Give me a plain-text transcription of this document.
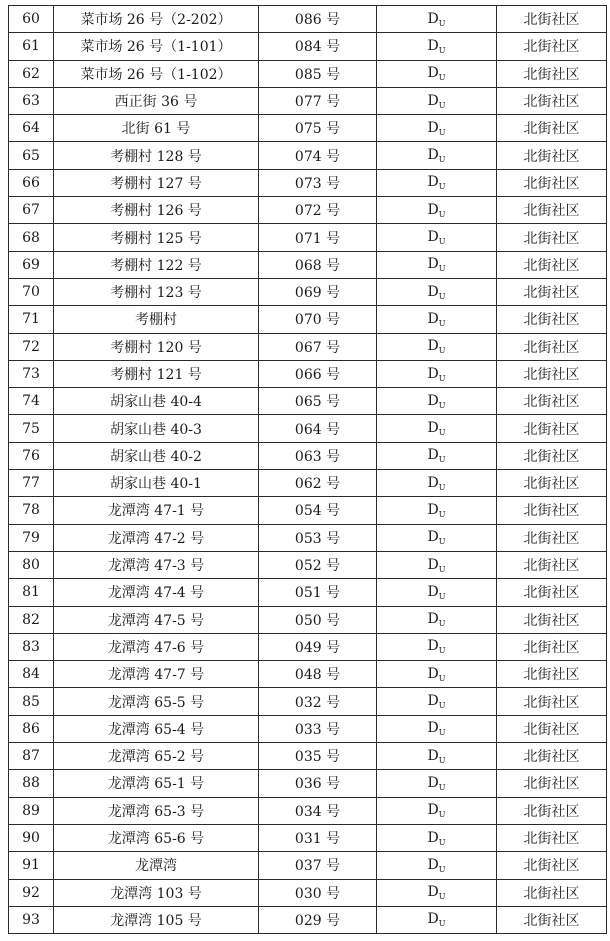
60	菜市场 26 号（2-202）	086 号	$D_U$	北街社区
61	菜市场 26 号（1-101）	084 号	$D_U$	北街社区
62	菜市场 26 号（1-102）	085 号	$D_U$	北街社区
63	西正街 36 号	077 号	$D_U$	北街社区
64	北街 61 号	075 号	$D_U$	北街社区
65	考棚村 128 号	074 号	$D_U$	北街社区
66	考棚村 127 号	073 号	$D_U$	北街社区
67	考棚村 126 号	072 号	$D_U$	北街社区
68	考棚村 125 号	071 号	$D_U$	北街社区
69	考棚村 122 号	068 号	$D_U$	北街社区
70	考棚村 123 号	069 号	$D_U$	北街社区
71	考棚村	070 号	$D_U$	北街社区
72	考棚村 120 号	067 号	$D_U$	北街社区
73	考棚村 121 号	066 号	$D_U$	北街社区
74	胡家山巷 40-4	065 号	$D_U$	北街社区
75	胡家山巷 40-3	064 号	$D_U$	北街社区
76	胡家山巷 40-2	063 号	$D_U$	北街社区
77	胡家山巷 40-1	062 号	$D_U$	北街社区
78	龙潭湾 47-1 号	054 号	$D_U$	北街社区
79	龙潭湾 47-2 号	053 号	$D_U$	北街社区
80	龙潭湾 47-3 号	052 号	$D_U$	北街社区
81	龙潭湾 47-4 号	051 号	$D_U$	北街社区
82	龙潭湾 47-5 号	050 号	$D_U$	北街社区
83	龙潭湾 47-6 号	049 号	$D_U$	北街社区
84	龙潭湾 47-7 号	048 号	$D_U$	北街社区
85	龙潭湾 65-5 号	032 号	$D_U$	北街社区
86	龙潭湾 65-4 号	033 号	$D_U$	北街社区
87	龙潭湾 65-2 号	035 号	$D_U$	北街社区
88	龙潭湾 65-1 号	036 号	$D_U$	北街社区
89	龙潭湾 65-3 号	034 号	$D_U$	北街社区
90	龙潭湾 65-6 号	031 号	$D_U$	北街社区
91	龙潭湾	037 号	$D_U$	北街社区
92	龙潭湾 103 号	030 号	$D_U$	北街社区
93	龙潭湾 105 号	029 号	$D_U$	北街社区
